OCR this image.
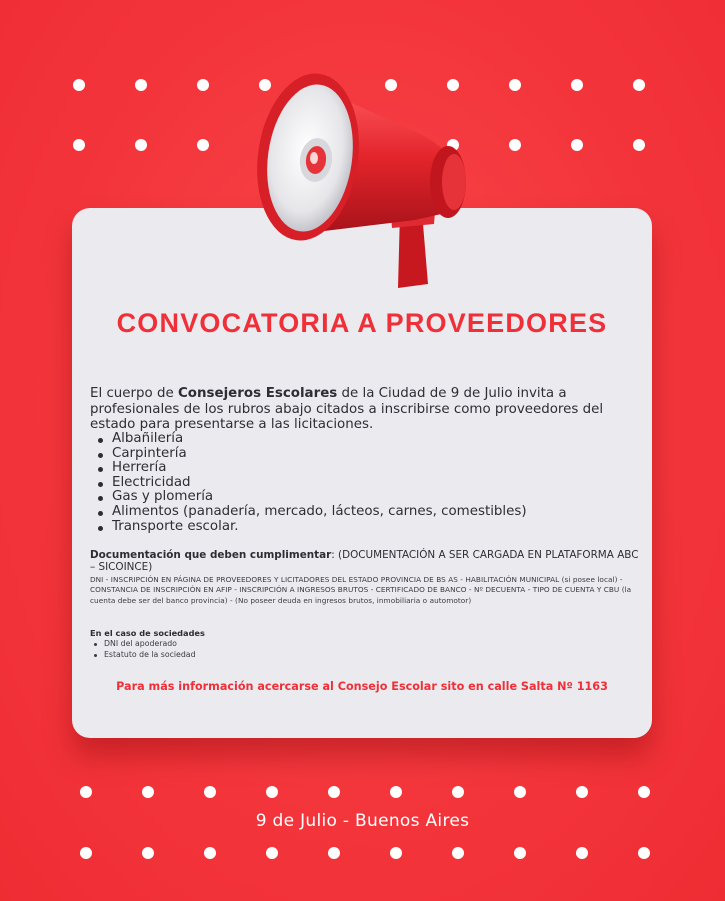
CONVOCATORIA A PROVEEDORES

El cuerpo de Consejeros Escolares de la Ciudad de 9 de Julio invita a profesionales de los rubros abajo citados a inscribirse como proveedores del estado para presentarse a las licitaciones.

Albañilería
Carpintería
Herrería
Electricidad
Gas y plomería
Alimentos (panadería, mercado, lácteos, carnes, comestibles)
Transporte escolar.

Documentación que deben cumplimentar: (DOCUMENTACIÓN A SER CARGADA EN PLATAFORMA ABC – SICOINCE)

DNI - INSCRIPCIÓN EN PÁGINA DE PROVEEDORES Y LICITADORES DEL ESTADO PROVINCIA DE BS AS - HABILITACIÓN MUNICIPAL (si posee local) - CONSTANCIA DE INSCRIPCIÓN EN AFIP - INSCRIPCIÓN A INGRESOS BRUTOS - CERTIFICADO DE BANCO - Nº DECUENTA - TIPO DE CUENTA Y CBU (la cuenta debe ser del banco provincia) - (No poseer deuda en ingresos brutos, inmobiliaria o automotor)

En el caso de sociedades

DNI del apoderado
Estatuto de la sociedad

Para más información acercarse al Consejo Escolar sito en calle Salta Nº 1163

9 de Julio - Buenos Aires
